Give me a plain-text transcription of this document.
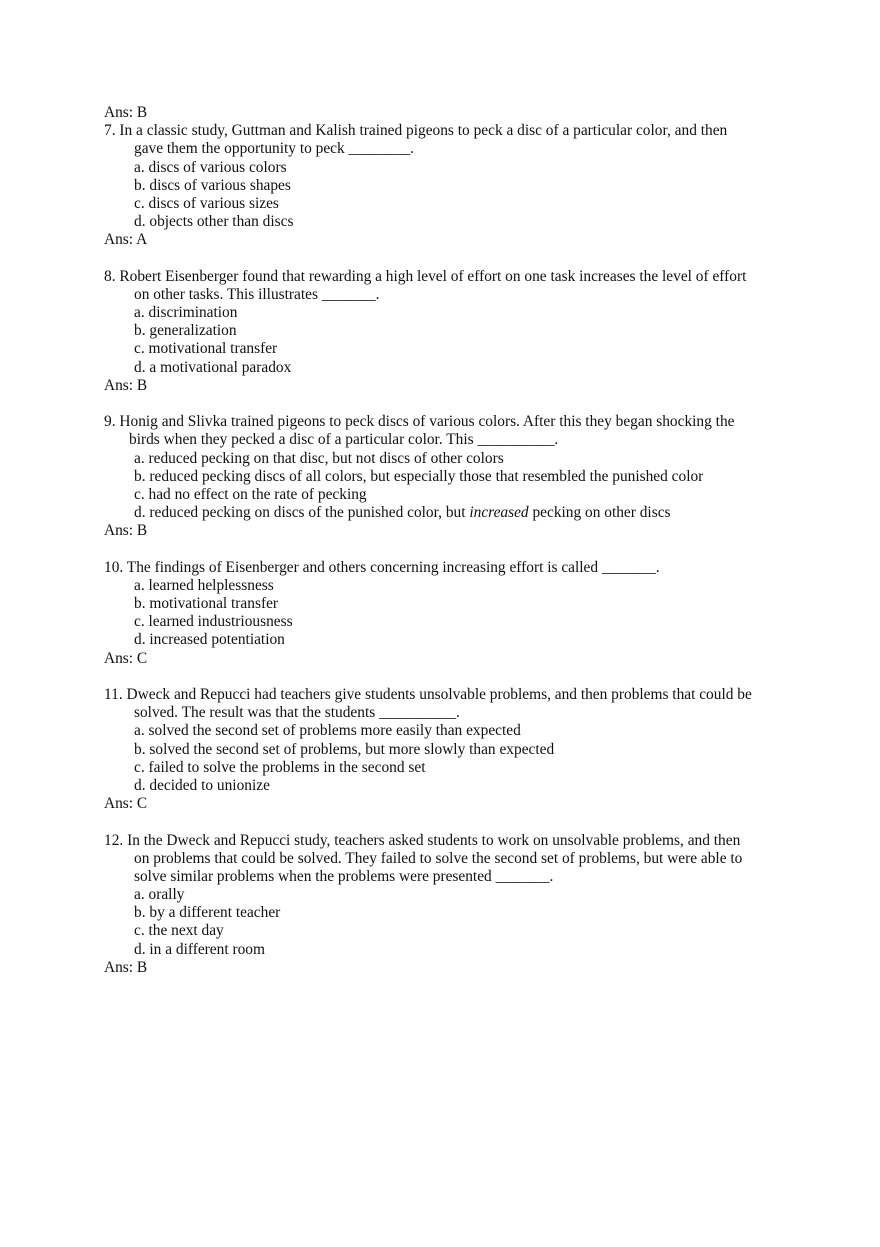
Ans: B
7. In a classic study, Guttman and Kalish trained pigeons to peck a disc of a particular color, and then
gave them the opportunity to peck ________.
a. discs of various colors
b. discs of various shapes
c. discs of various sizes
d. objects other than discs
Ans: A
8. Robert Eisenberger found that rewarding a high level of effort on one task increases the level of effort
on other tasks. This illustrates _______.
a. discrimination
b. generalization
c. motivational transfer
d. a motivational paradox
Ans: B
9. Honig and Slivka trained pigeons to peck discs of various colors. After this they began shocking the
birds when they pecked a disc of a particular color. This __________.
a. reduced pecking on that disc, but not discs of other colors
b. reduced pecking discs of all colors, but especially those that resembled the punished color
c. had no effect on the rate of pecking
d. reduced pecking on discs of the punished color, but increased pecking on other discs
Ans: B
10. The findings of Eisenberger and others concerning increasing effort is called _______.
a. learned helplessness
b. motivational transfer
c. learned industriousness
d. increased potentiation
Ans: C
11. Dweck and Repucci had teachers give students unsolvable problems, and then problems that could be
solved. The result was that the students __________.
a. solved the second set of problems more easily than expected
b. solved the second set of problems, but more slowly than expected
c. failed to solve the problems in the second set
d. decided to unionize
Ans: C
12. In the Dweck and Repucci study, teachers asked students to work on unsolvable problems, and then
on problems that could be solved. They failed to solve the second set of problems, but were able to
solve similar problems when the problems were presented _______.
a. orally
b. by a different teacher
c. the next day
d. in a different room
Ans: B
